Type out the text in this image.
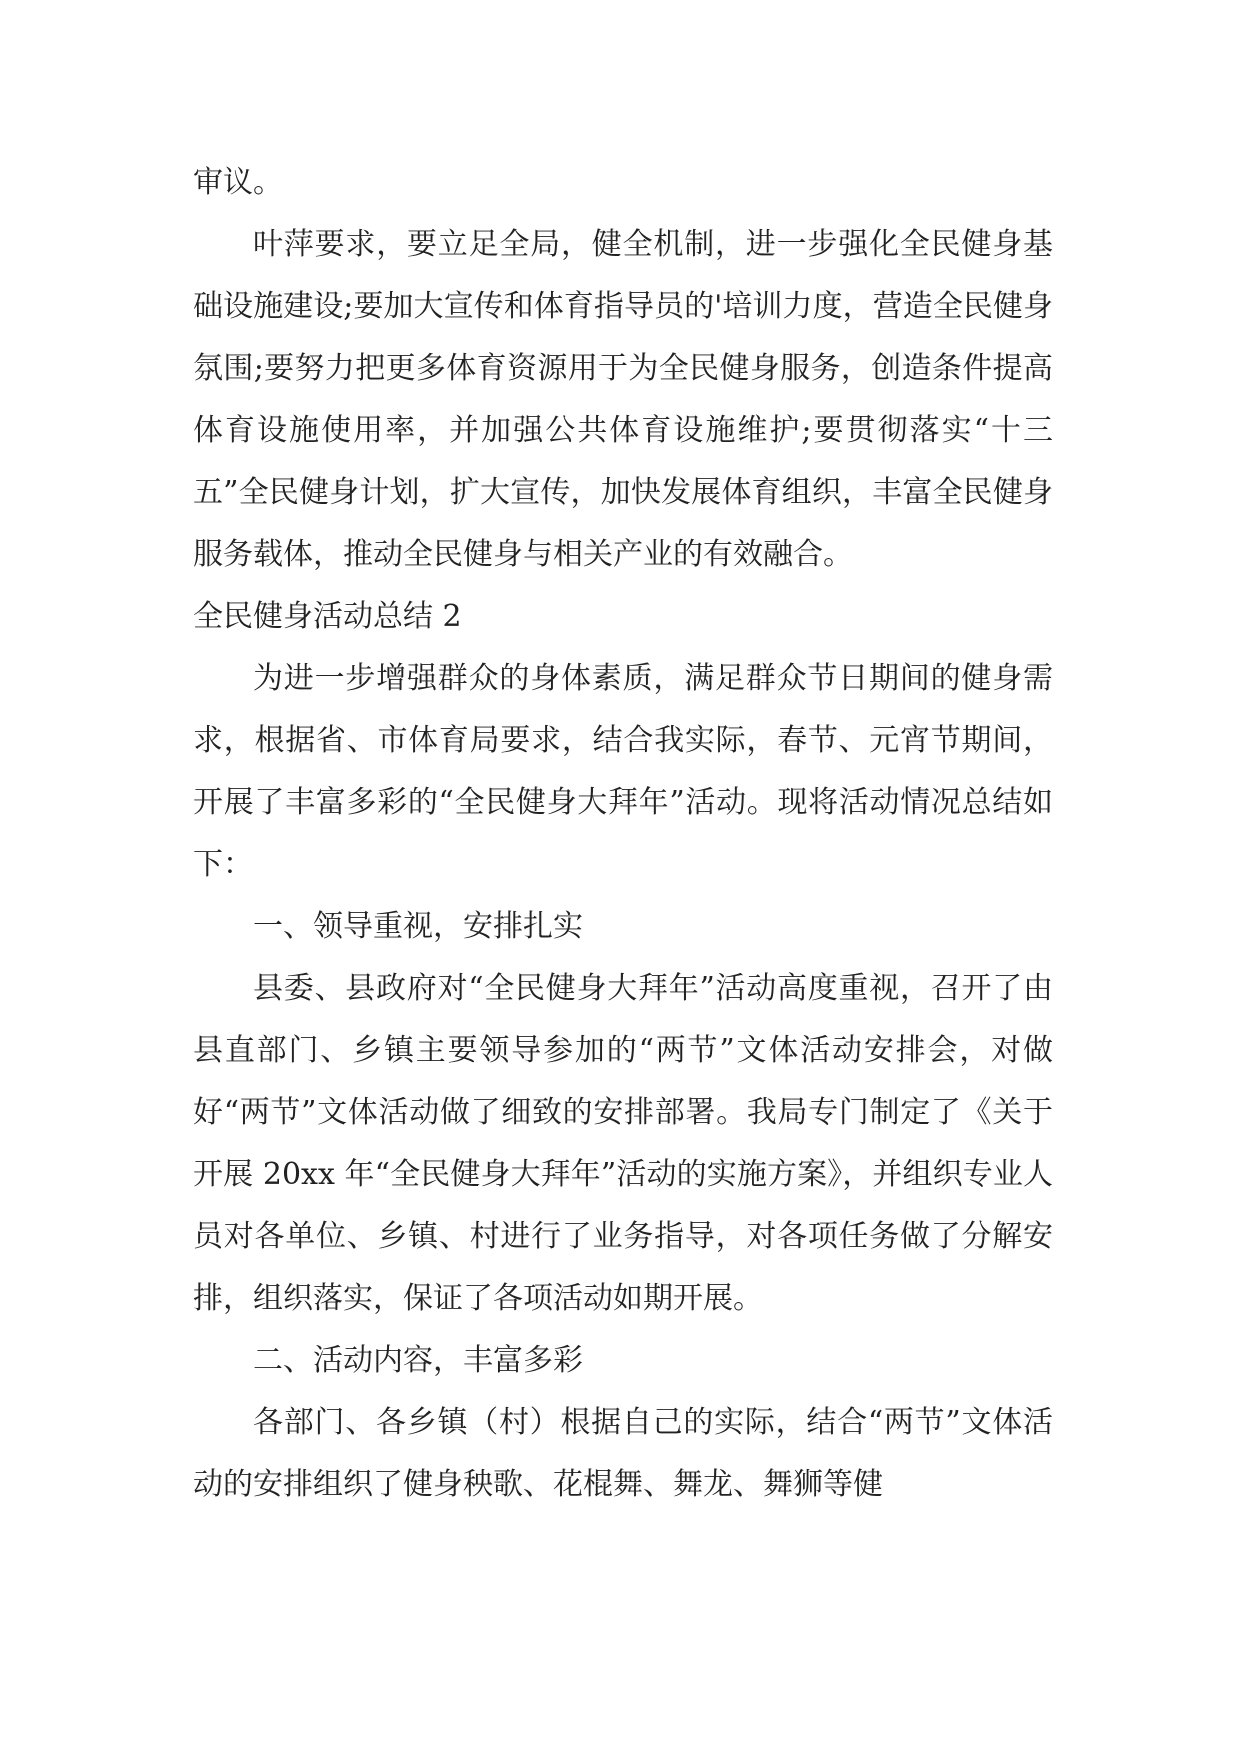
审议。

叶萍要求，要立足全局，健全机制，进一步强化全民健身基础设施建设;要加大宣传和体育指导员的'培训力度，营造全民健身氛围;要努力把更多体育资源用于为全民健身服务，创造条件提高体育设施使用率，并加强公共体育设施维护;要贯彻落实“十三五”全民健身计划，扩大宣传，加快发展体育组织，丰富全民健身服务载体，推动全民健身与相关产业的有效融合。

全民健身活动总结 2

为进一步增强群众的身体素质，满足群众节日期间的健身需求，根据省、市体育局要求，结合我实际，春节、元宵节期间，开展了丰富多彩的“全民健身大拜年”活动。现将活动情况总结如下：

一、领导重视，安排扎实

县委、县政府对“全民健身大拜年”活动高度重视，召开了由县直部门、乡镇主要领导参加的“两节”文体活动安排会，对做好“两节”文体活动做了细致的安排部署。我局专门制定了《关于开展 20xx 年“全民健身大拜年”活动的实施方案》，并组织专业人员对各单位、乡镇、村进行了业务指导，对各项任务做了分解安排，组织落实，保证了各项活动如期开展。

二、活动内容，丰富多彩

各部门、各乡镇（村）根据自己的实际，结合“两节”文体活动的安排组织了健身秧歌、花棍舞、舞龙、舞狮等健
